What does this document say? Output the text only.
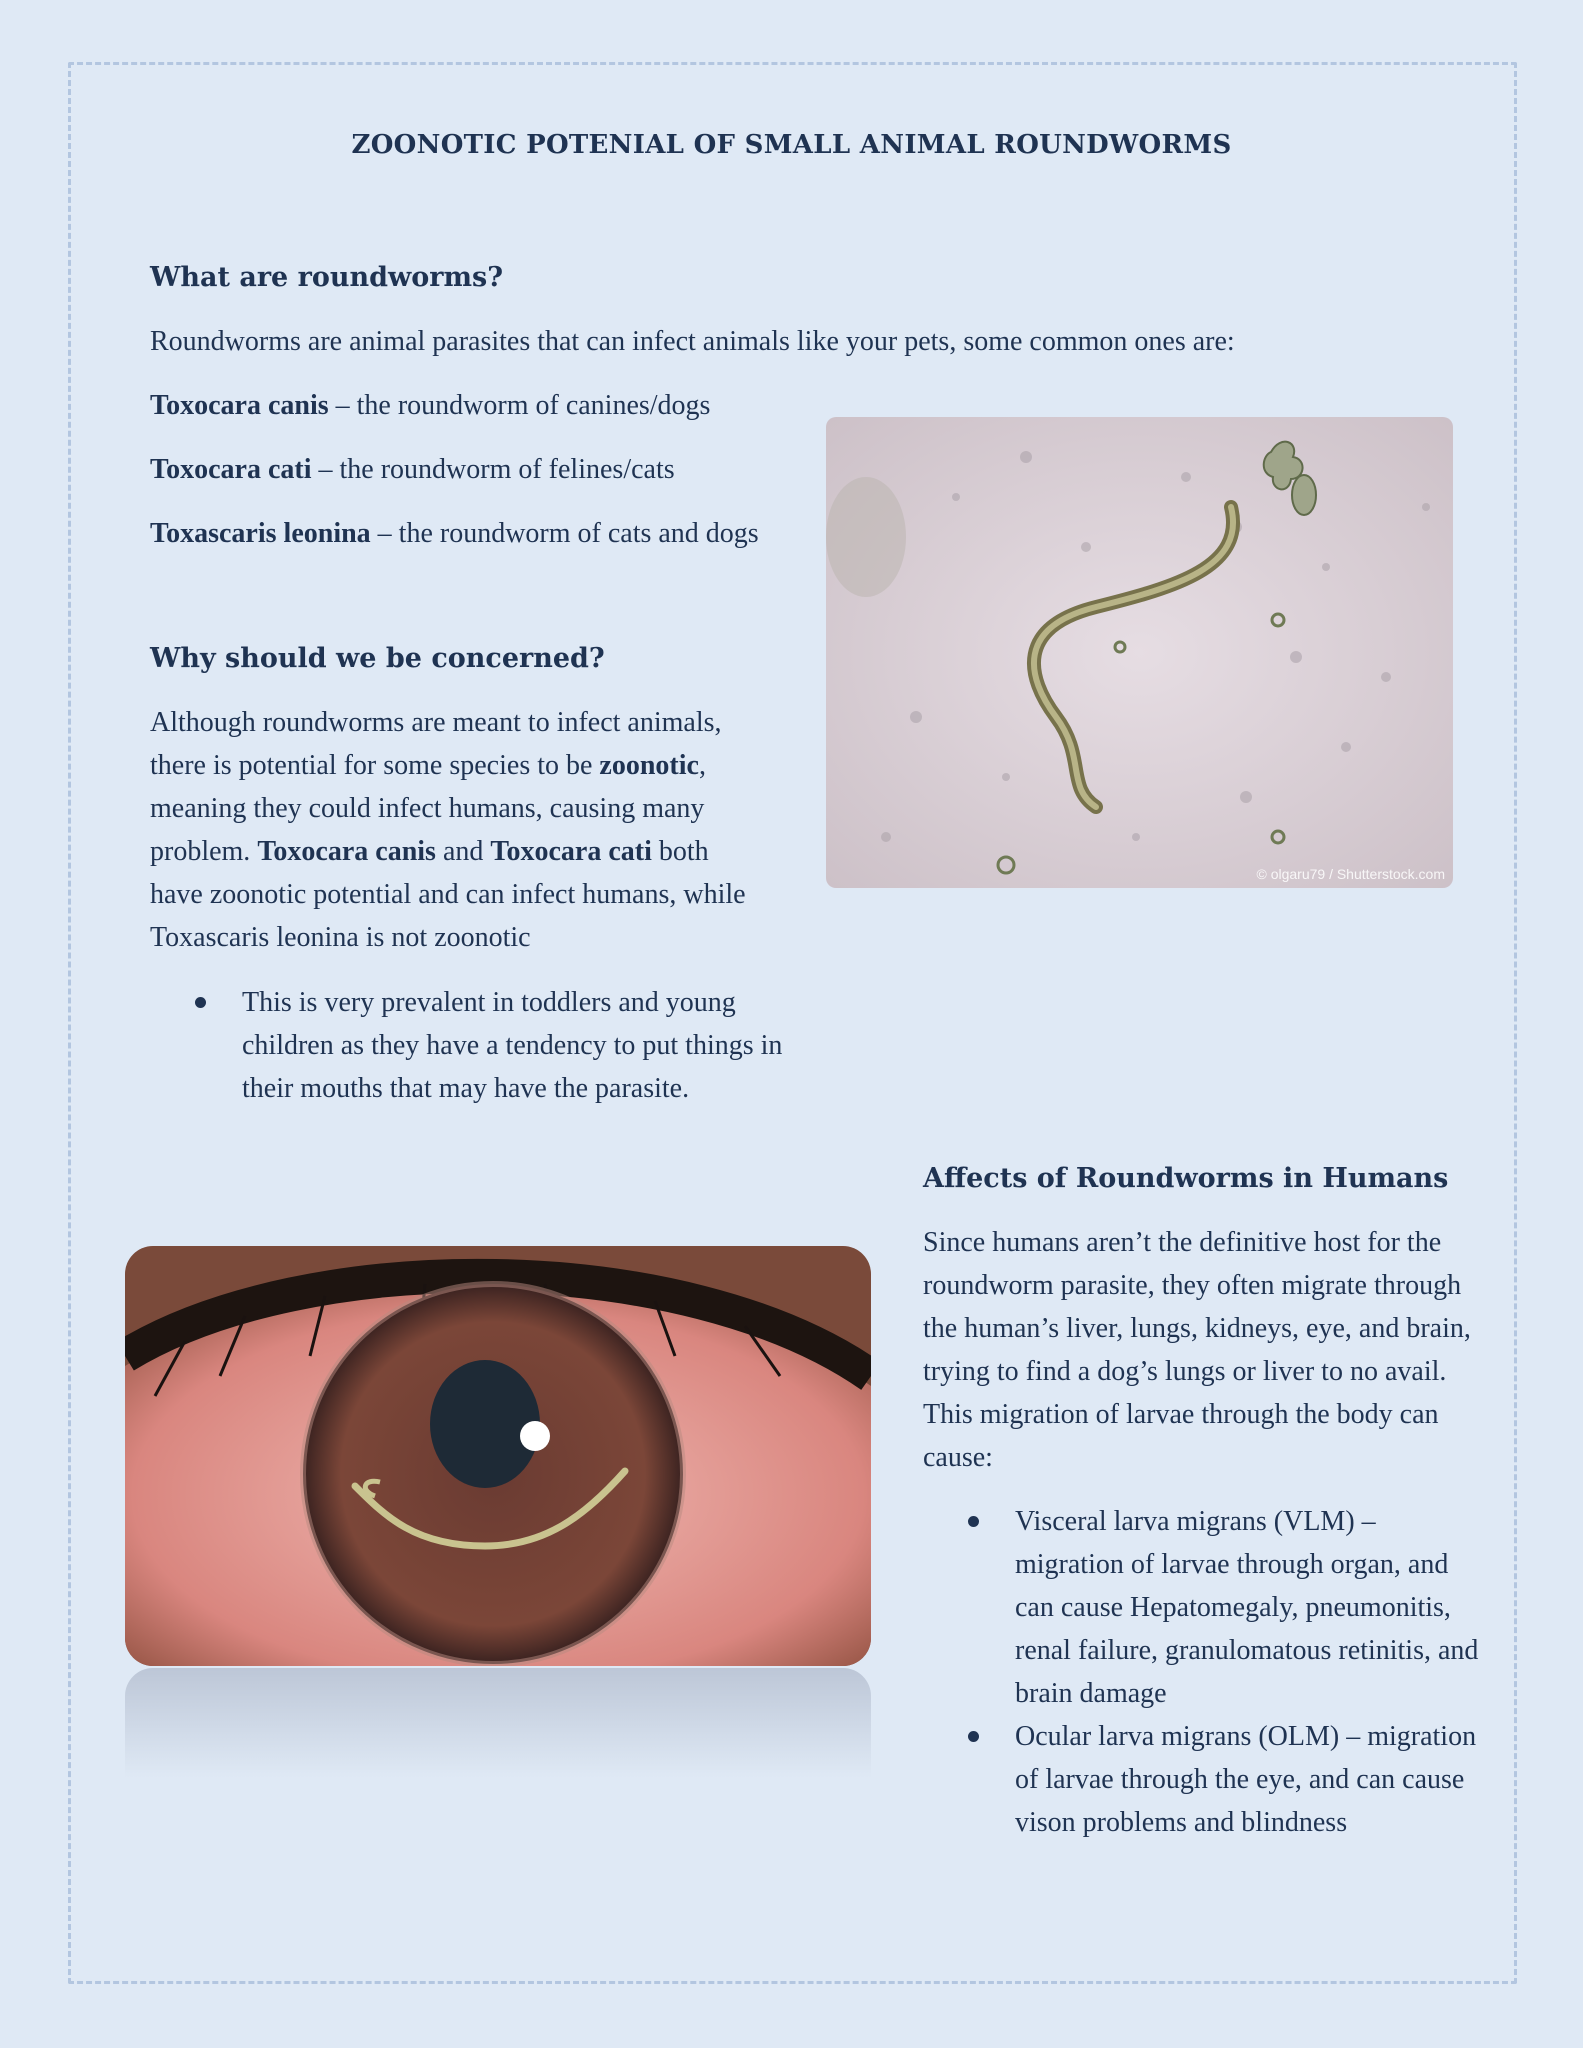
ZOONOTIC POTENIAL OF SMALL ANIMAL ROUNDWORMS
What are roundworms?

Roundworms are animal parasites that can infect animals like your pets, some common ones are:

Toxocara canis – the roundworm of canines/dogs

Toxocara cati – the roundworm of felines/cats

Toxascaris leonina – the roundworm of cats and dogs

© olgaru79 / Shutterstock.com
Why should we be concerned?

Although roundworms are meant to infect animals, there is potential for some species to be zoonotic, meaning they could infect humans, causing many problem. Toxocara canis and Toxocara cati both have zoonotic potential and can infect humans, while Toxascaris leonina is not zoonotic

This is very prevalent in toddlers and young children as they have a tendency to put things in their mouths that may have the parasite.
Affects of Roundworms in Humans

Since humans aren’t the definitive host for the roundworm parasite, they often migrate through the human’s liver, lungs, kidneys, eye, and brain, trying to find a dog’s lungs or liver to no avail. This migration of larvae through the body can cause:

Visceral larva migrans (VLM) – migration of larvae through organ, and can cause Hepatomegaly, pneumonitis, renal failure, granulomatous retinitis, and brain damage
Ocular larva migrans (OLM) – migration of larvae through the eye, and can cause vison problems and blindness
